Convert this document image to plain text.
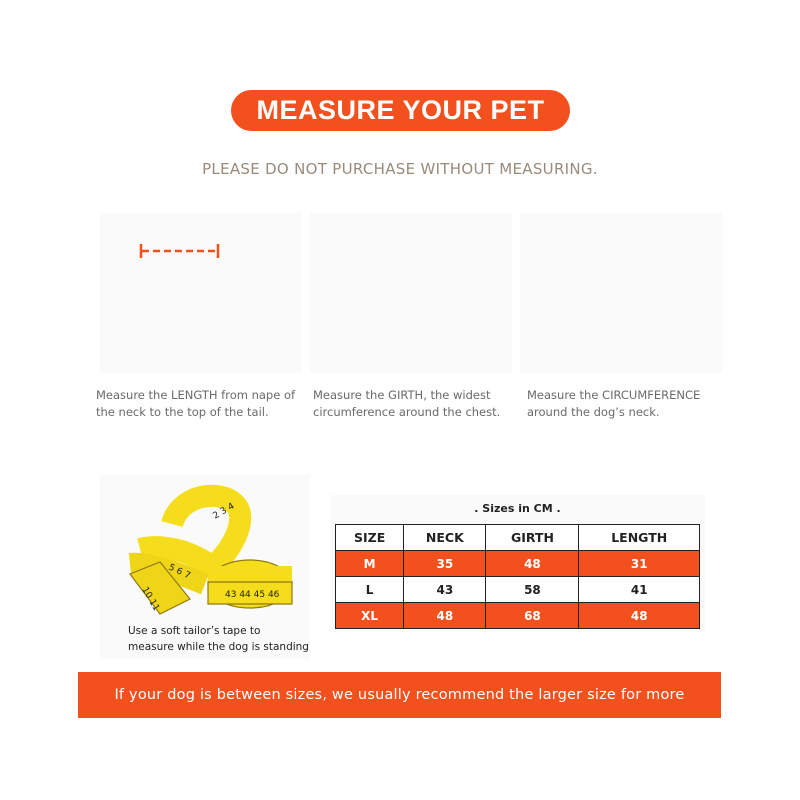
MEASURE YOUR PET
PLEASE DO NOT PURCHASE WITHOUT MEASURING.
Measure the LENGTH from nape of the neck to the top of the tail.
Measure the GIRTH, the widest circumference around the chest.
Measure the CIRCUMFERENCE around the dog’s neck.
2 3 4
10 11	43 44 45 46
5 6 7
Use a soft tailor’s tape to
measure while the dog is standing
. Sizes in CM .
SIZE	NECK	GIRTH	LENGTH
M	35	48	31
L	43	58	41
XL	48	68	48
If your dog is between sizes, we usually recommend the larger size for more coverage
